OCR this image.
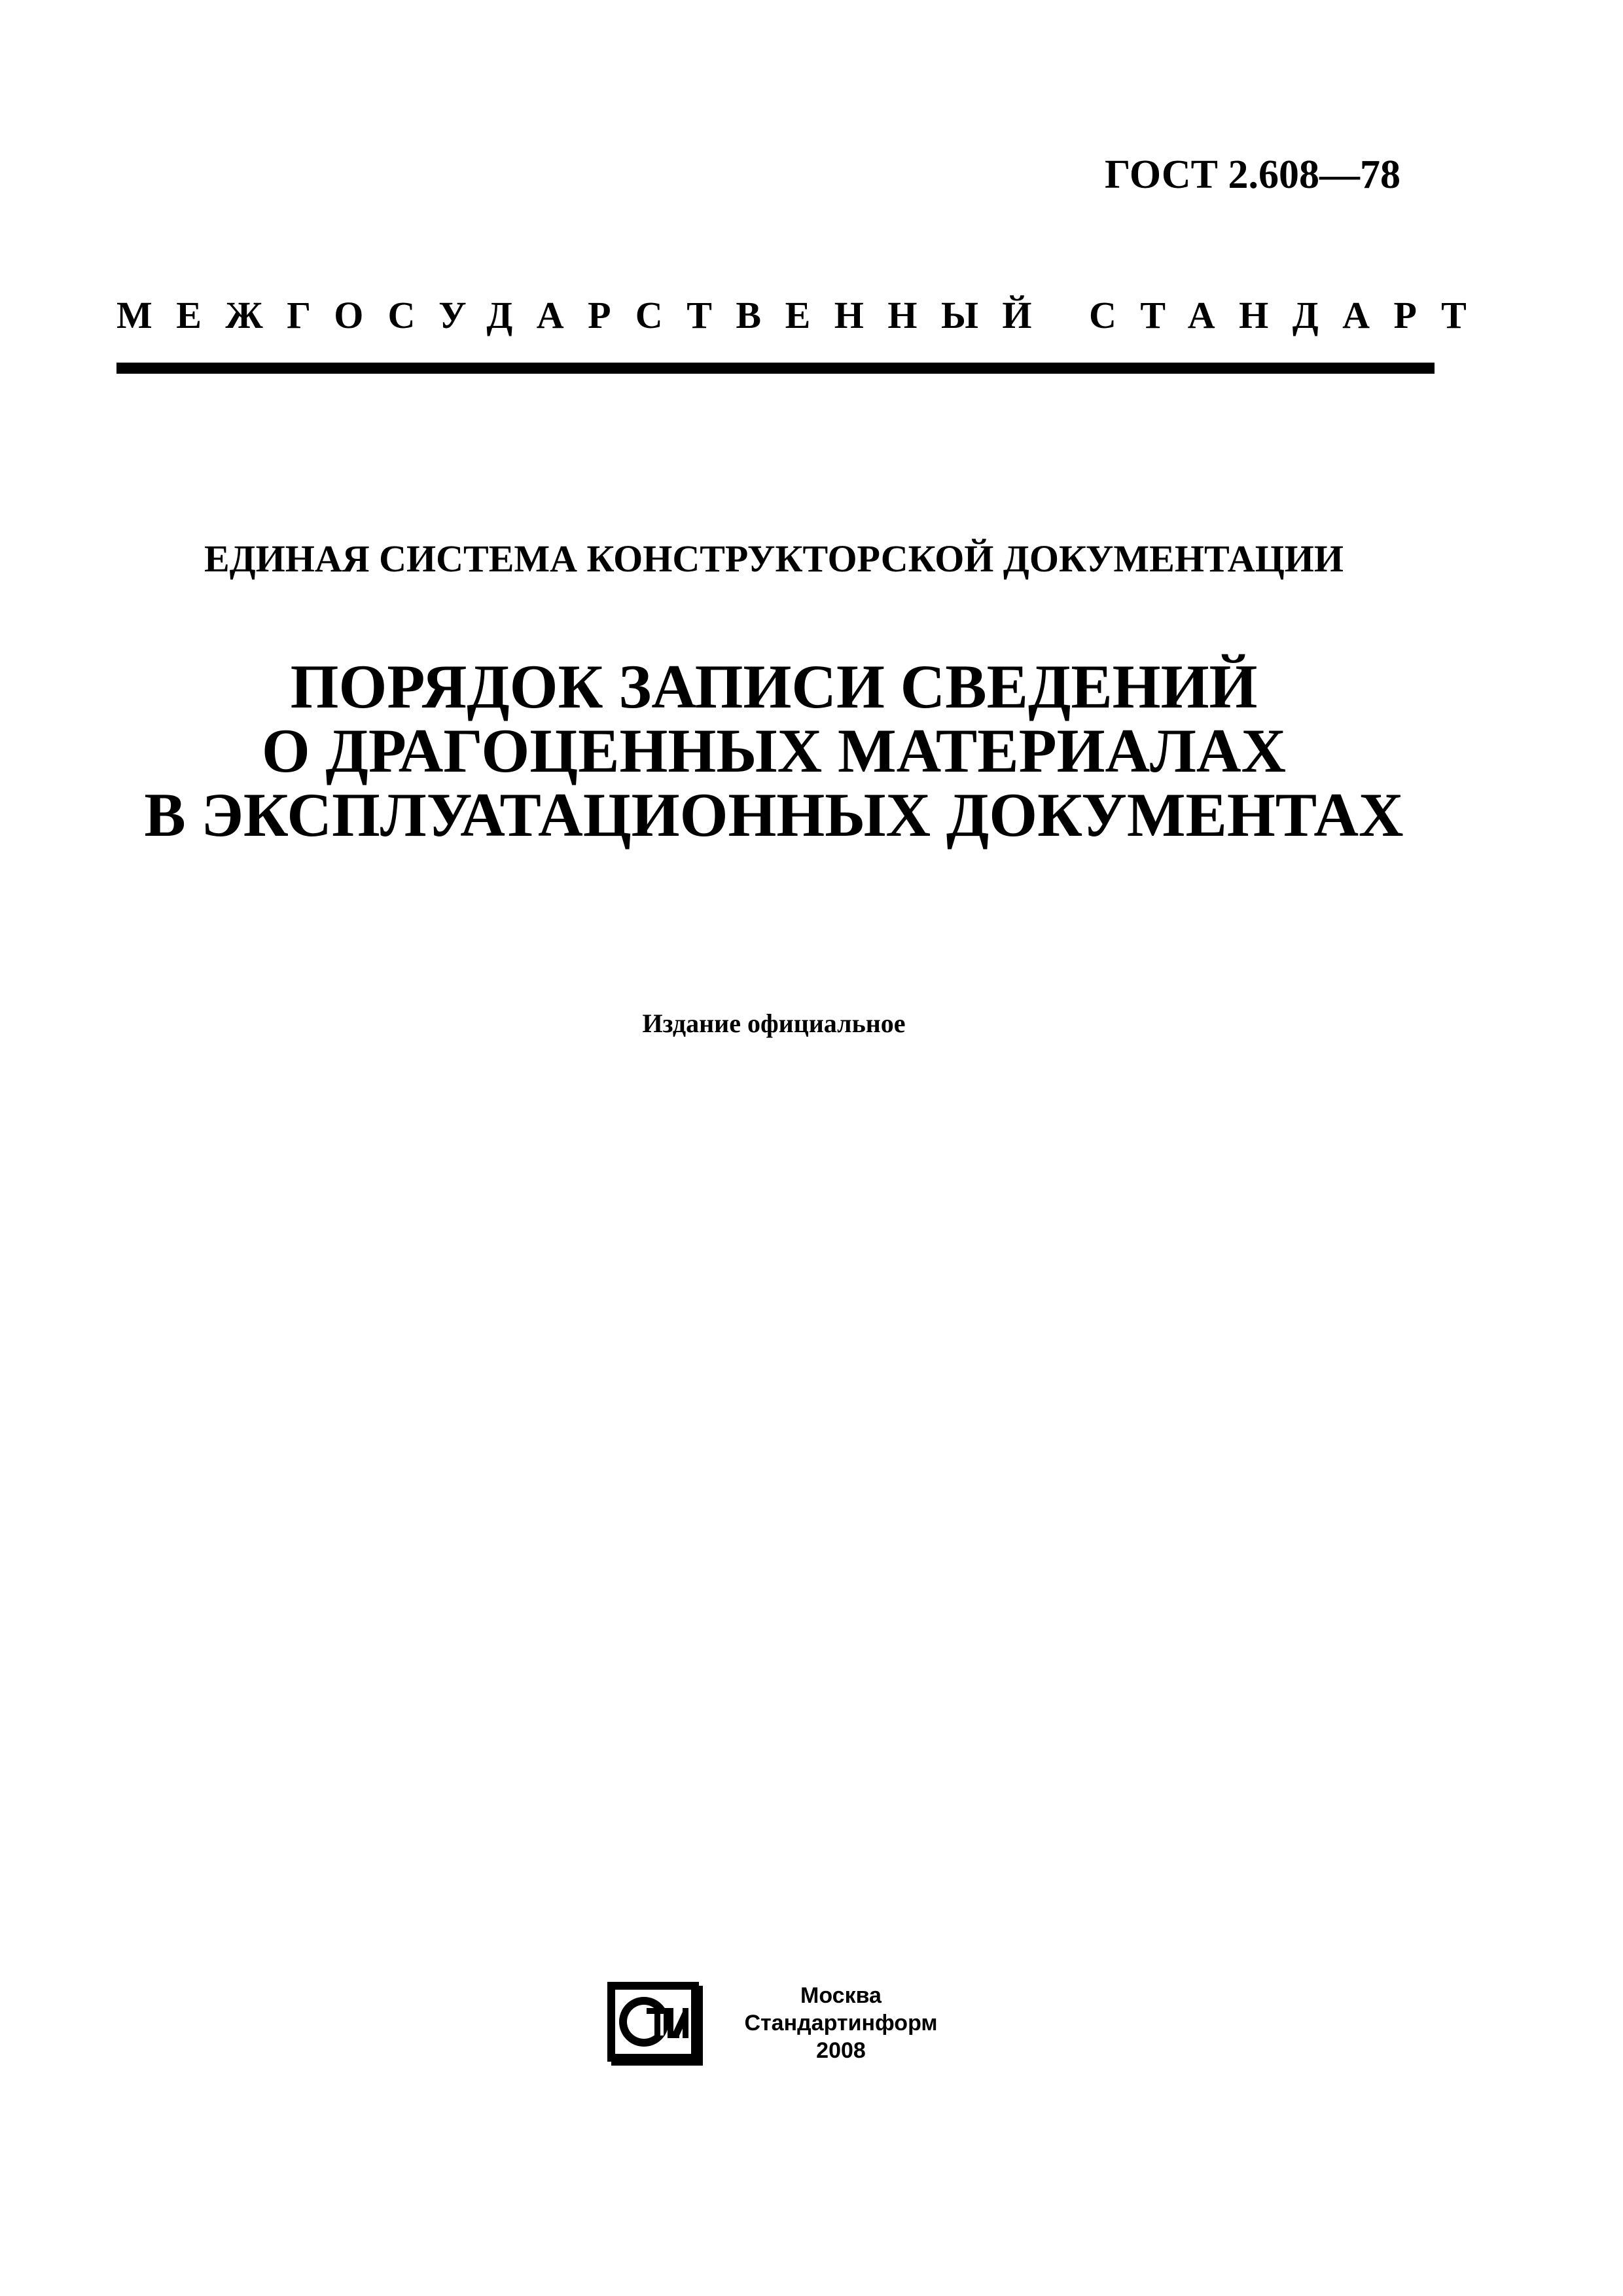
ГОСТ 2.608—78
МЕЖГОСУДАРСТВЕННЫЙ СТАНДАРТ
ЕДИНАЯ СИСТЕМА КОНСТРУКТОРСКОЙ ДОКУМЕНТАЦИИ
ПОРЯДОК ЗАПИСИ СВЕДЕНИЙ
О ДРАГОЦЕННЫХ МАТЕРИАЛАХ
В ЭКСПЛУАТАЦИОННЫХ ДОКУМЕНТАХ
Издание официальное
Москва
Стандартинформ
2008
